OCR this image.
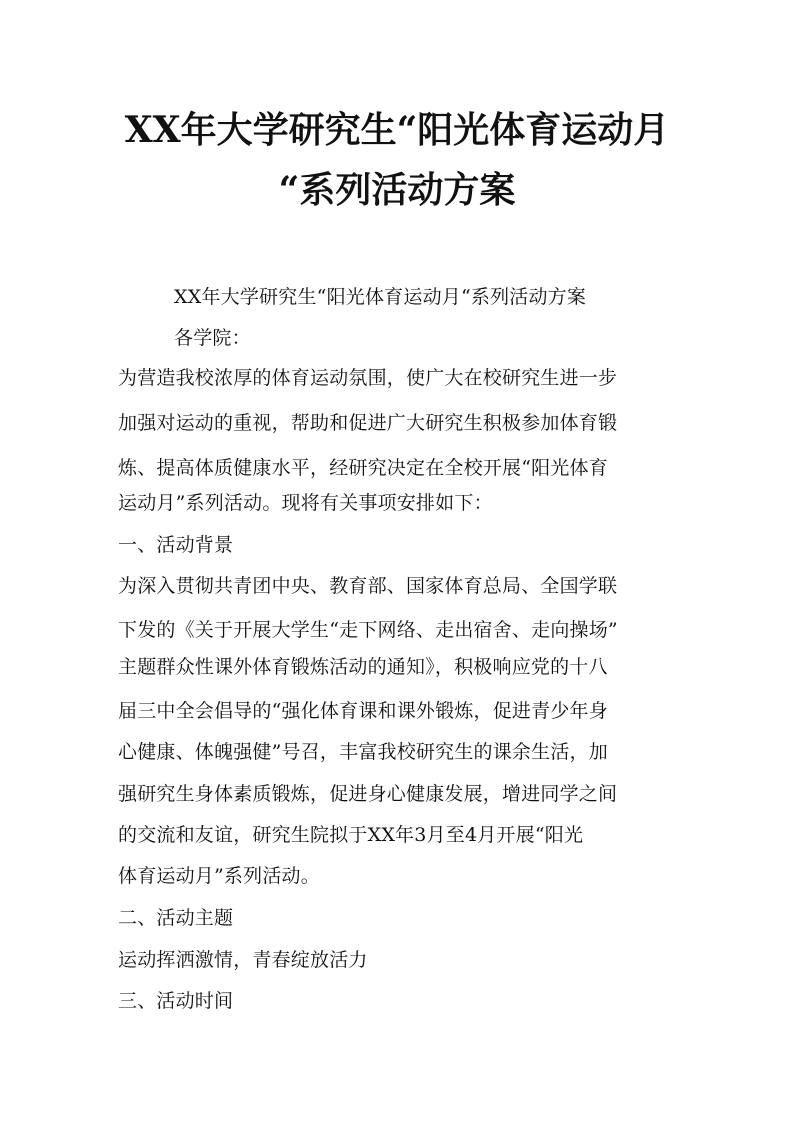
XX年大学研究生“阳光体育运动月
“系列活动方案
XX年大学研究生“阳光体育运动月“系列活动方案
各学院：
为营造我校浓厚的体育运动氛围，使广大在校研究生进一步
加强对运动的重视，帮助和促进广大研究生积极参加体育锻
炼、提高体质健康水平，经研究决定在全校开展“阳光体育
运动月”系列活动。现将有关事项安排如下：
一、活动背景
为深入贯彻共青团中央、教育部、国家体育总局、全国学联
下发的《关于开展大学生“走下网络、走出宿舍、走向操场”
主题群众性课外体育锻炼活动的通知》，积极响应党的十八
届三中全会倡导的“强化体育课和课外锻炼，促进青少年身
心健康、体魄强健”号召，丰富我校研究生的课余生活，加
强研究生身体素质锻炼，促进身心健康发展，增进同学之间
的交流和友谊，研究生院拟于XX年3月至4月开展“阳光
体育运动月”系列活动。
二、活动主题
运动挥洒激情，青春绽放活力
三、活动时间
